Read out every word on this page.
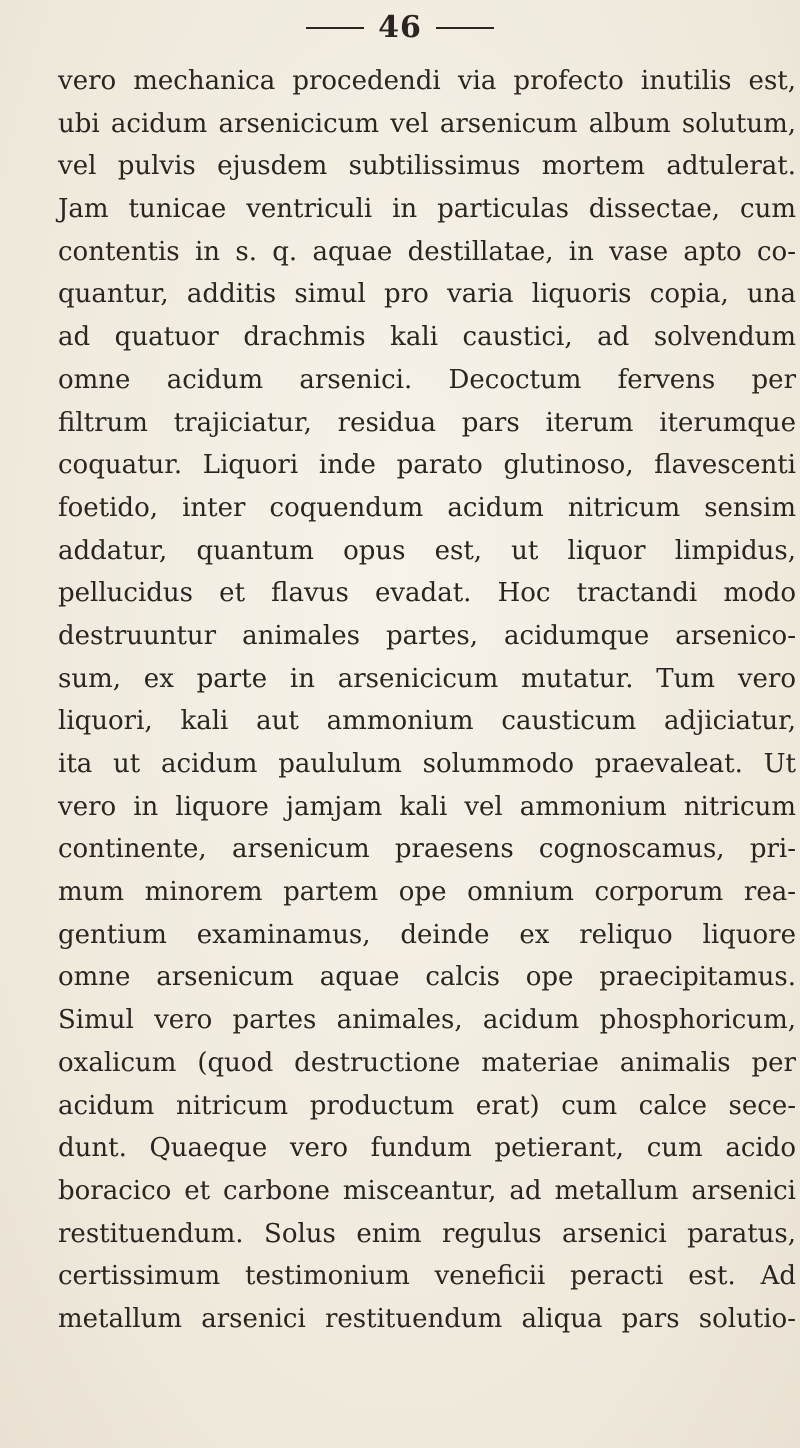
46
vero mechanica procedendi via profecto inutilis est,
ubi acidum arsenicicum vel arsenicum album solutum,
vel pulvis ejusdem subtilissimus mortem adtulerat.
Jam tunicae ventriculi in particulas dissectae, cum
contentis in s. q. aquae destillatae, in vase apto co-
quantur, additis simul pro varia liquoris copia, una
ad quatuor drachmis kali caustici, ad solvendum
omne acidum arsenici. Decoctum fervens per
filtrum trajiciatur, residua pars iterum iterumque
coquatur. Liquori inde parato glutinoso, flavescenti
foetido, inter coquendum acidum nitricum sensim
addatur, quantum opus est, ut liquor limpidus,
pellucidus et flavus evadat. Hoc tractandi modo
destruuntur animales partes, acidumque arsenico-
sum, ex parte in arsenicicum mutatur. Tum vero
liquori, kali aut ammonium causticum adjiciatur,
ita ut acidum paululum solummodo praevaleat. Ut
vero in liquore jamjam kali vel ammonium nitricum
continente, arsenicum praesens cognoscamus, pri-
mum minorem partem ope omnium corporum rea-
gentium examinamus, deinde ex reliquo liquore
omne arsenicum aquae calcis ope praecipitamus.
Simul vero partes animales, acidum phosphoricum,
oxalicum (quod destructione materiae animalis per
acidum nitricum productum erat) cum calce sece-
dunt. Quaeque vero fundum petierant, cum acido
boracico et carbone misceantur, ad metallum arsenici
restituendum. Solus enim regulus arsenici paratus,
certissimum testimonium veneficii peracti est. Ad
metallum arsenici restituendum aliqua pars solutio-
